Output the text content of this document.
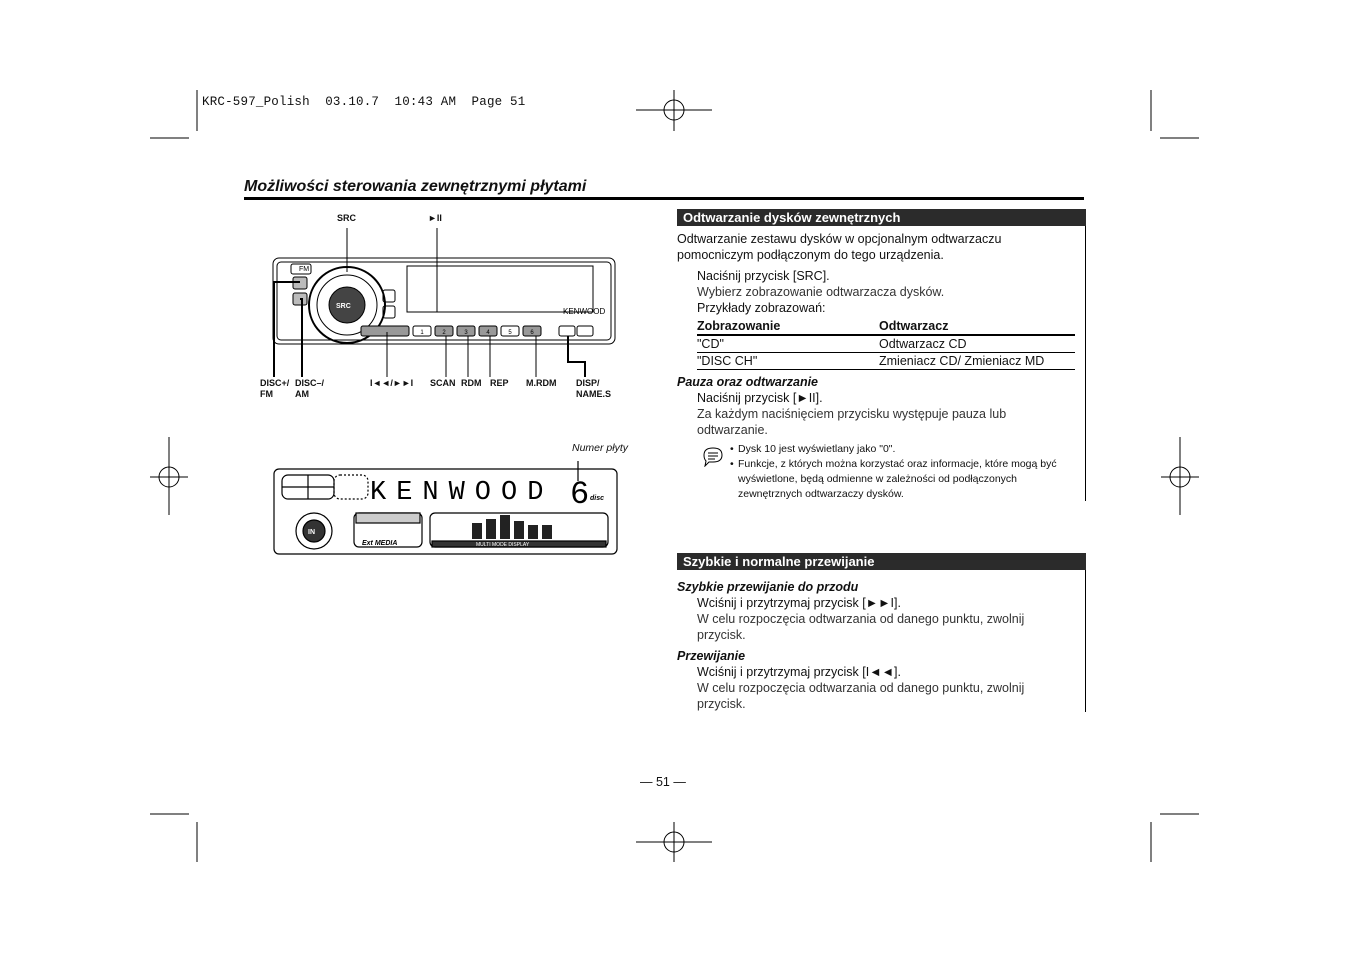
KRC-597_Polish  03.10.7  10:43 AM  Page 51
Możliwości sterowania zewnętrznymi płytami
SRC	►II
FM
SRC
KENWOOD
1	2	3	4	5	6
DISC+/
FM
DISC–/
AM
I◄◄/►►I SCAN RDM REP M.RDM DISP/
NAME.S
Numer płyty
KENWOOD 6 disc
IN
Ext MEDIA	MULTI MODE DISPLAY
Odtwarzanie dysków zewnętrznych
Odtwarzanie zestawu dysków w opcjonalnym odtwarzaczu pomocniczym podłączonym do tego urządzenia.
Naciśnij przycisk [SRC].
Wybierz zobrazowanie odtwarzacza dysków.
Przykłady zobrazowań:
Zobrazowanie	Odtwarzacz
"CD"	Odtwarzacz CD
"DISC CH"	Zmieniacz CD/ Zmieniacz MD
Pauza oraz odtwarzanie
Naciśnij przycisk [►II].
Za każdym naciśnięciem przycisku występuje pauza lub odtwarzanie.
• Dysk 10 jest wyświetlany jako "0".
• Funkcje, z których można korzystać oraz informacje, które mogą być wyświetlone, będą odmienne w zależności od podłączonych zewnętrznych odtwarzaczy dysków.
Szybkie i normalne przewijanie
Szybkie przewijanie do przodu
Wciśnij i przytrzymaj przycisk [►►I].
W celu rozpoczęcia odtwarzania od danego punktu, zwolnij przycisk.
Przewijanie
Wciśnij i przytrzymaj przycisk [I◄◄].
W celu rozpoczęcia odtwarzania od danego punktu, zwolnij przycisk.
— 51 —
